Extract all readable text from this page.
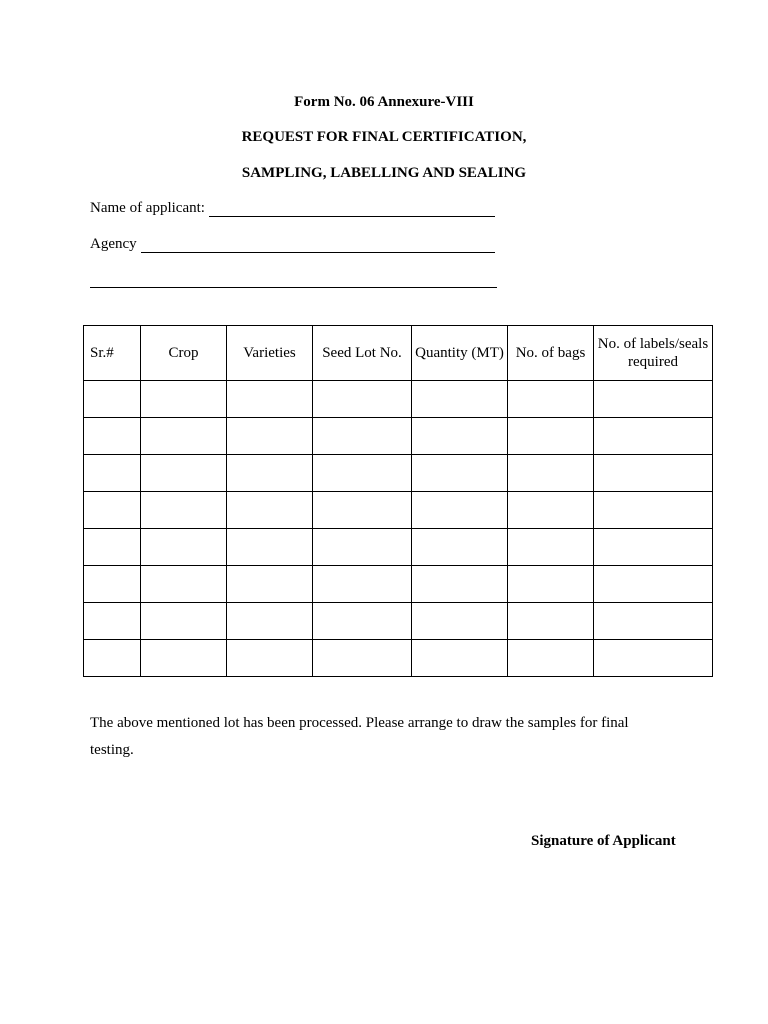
Form No. 06 Annexure-VIII
REQUEST FOR FINAL CERTIFICATION,
SAMPLING, LABELLING AND SEALING
Name of applicant:
Agency
Sr.#	Crop	Varieties	Seed Lot No.	Quantity (MT)	No. of bags	No. of labels/seals required

The above mentioned lot has been processed. Please arrange to draw the samples for final testing.
Signature of Applicant
